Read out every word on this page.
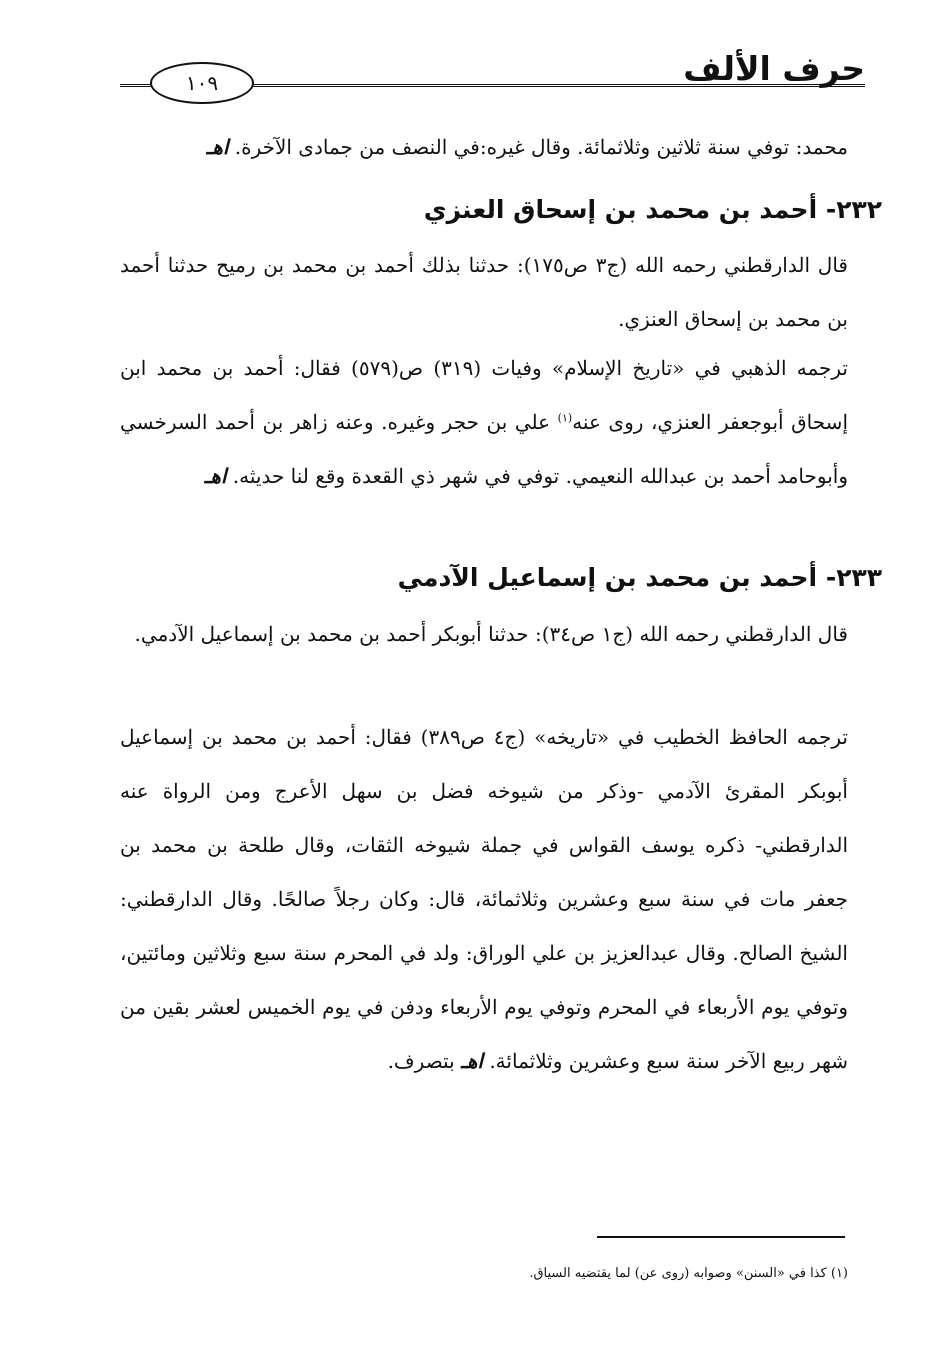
١٠٩	حرف الألف

محمد: توفي سنة ثلاثين وثلاثمائة. وقال غيره:في النصف من جمادى الآخرة. اهـ

٢٣٢- أحمد بن محمد بن إسحاق العنزي

قال الدارقطني رحمه الله (ج٣ ص١٧٥): حدثنا بذلك أحمد بن محمد بن رميح حدثنا أحمد بن محمد بن إسحاق العنزي.

ترجمه الذهبي في «تاريخ الإسلام» وفيات (٣١٩) ص(٥٧٩) فقال: أحمد بن محمد ابن إسحاق أبوجعفر العنزي، روى عنه$^{(١)}$ علي بن حجر وغيره. وعنه زاهر بن أحمد السرخسي وأبوحامد أحمد بن عبدالله النعيمي. توفي في شهر ذي القعدة وقع لنا حديثه. اهـ

٢٣٣- أحمد بن محمد بن إسماعيل الآدمي

قال الدارقطني رحمه الله (ج١ ص٣٤): حدثنا أبوبكر أحمد بن محمد بن إسماعيل الآدمي.

ترجمه الحافظ الخطيب في «تاريخه» (ج٤ ص٣٨٩) فقال: أحمد بن محمد بن إسماعيل أبوبكر المقرئ الآدمي -وذكر من شيوخه فضل بن سهل الأعرج ومن الرواة عنه الدارقطني- ذكره يوسف القواس في جملة شيوخه الثقات، وقال طلحة بن محمد بن جعفر مات في سنة سبع وعشرين وثلاثمائة، قال: وكان رجلاً صالحًا. وقال الدارقطني: الشيخ الصالح. وقال عبدالعزيز بن علي الوراق: ولد في المحرم سنة سبع وثلاثين ومائتين، وتوفي يوم الأربعاء في المحرم وتوفي يوم الأربعاء ودفن في يوم الخميس لعشر بقين من شهر ربيع الآخر سنة سبع وعشرين وثلاثمائة. اهـ بتصرف.

(١) كذا في «السنن» وصوابه (روى عن) لما يقتضيه السياق.
